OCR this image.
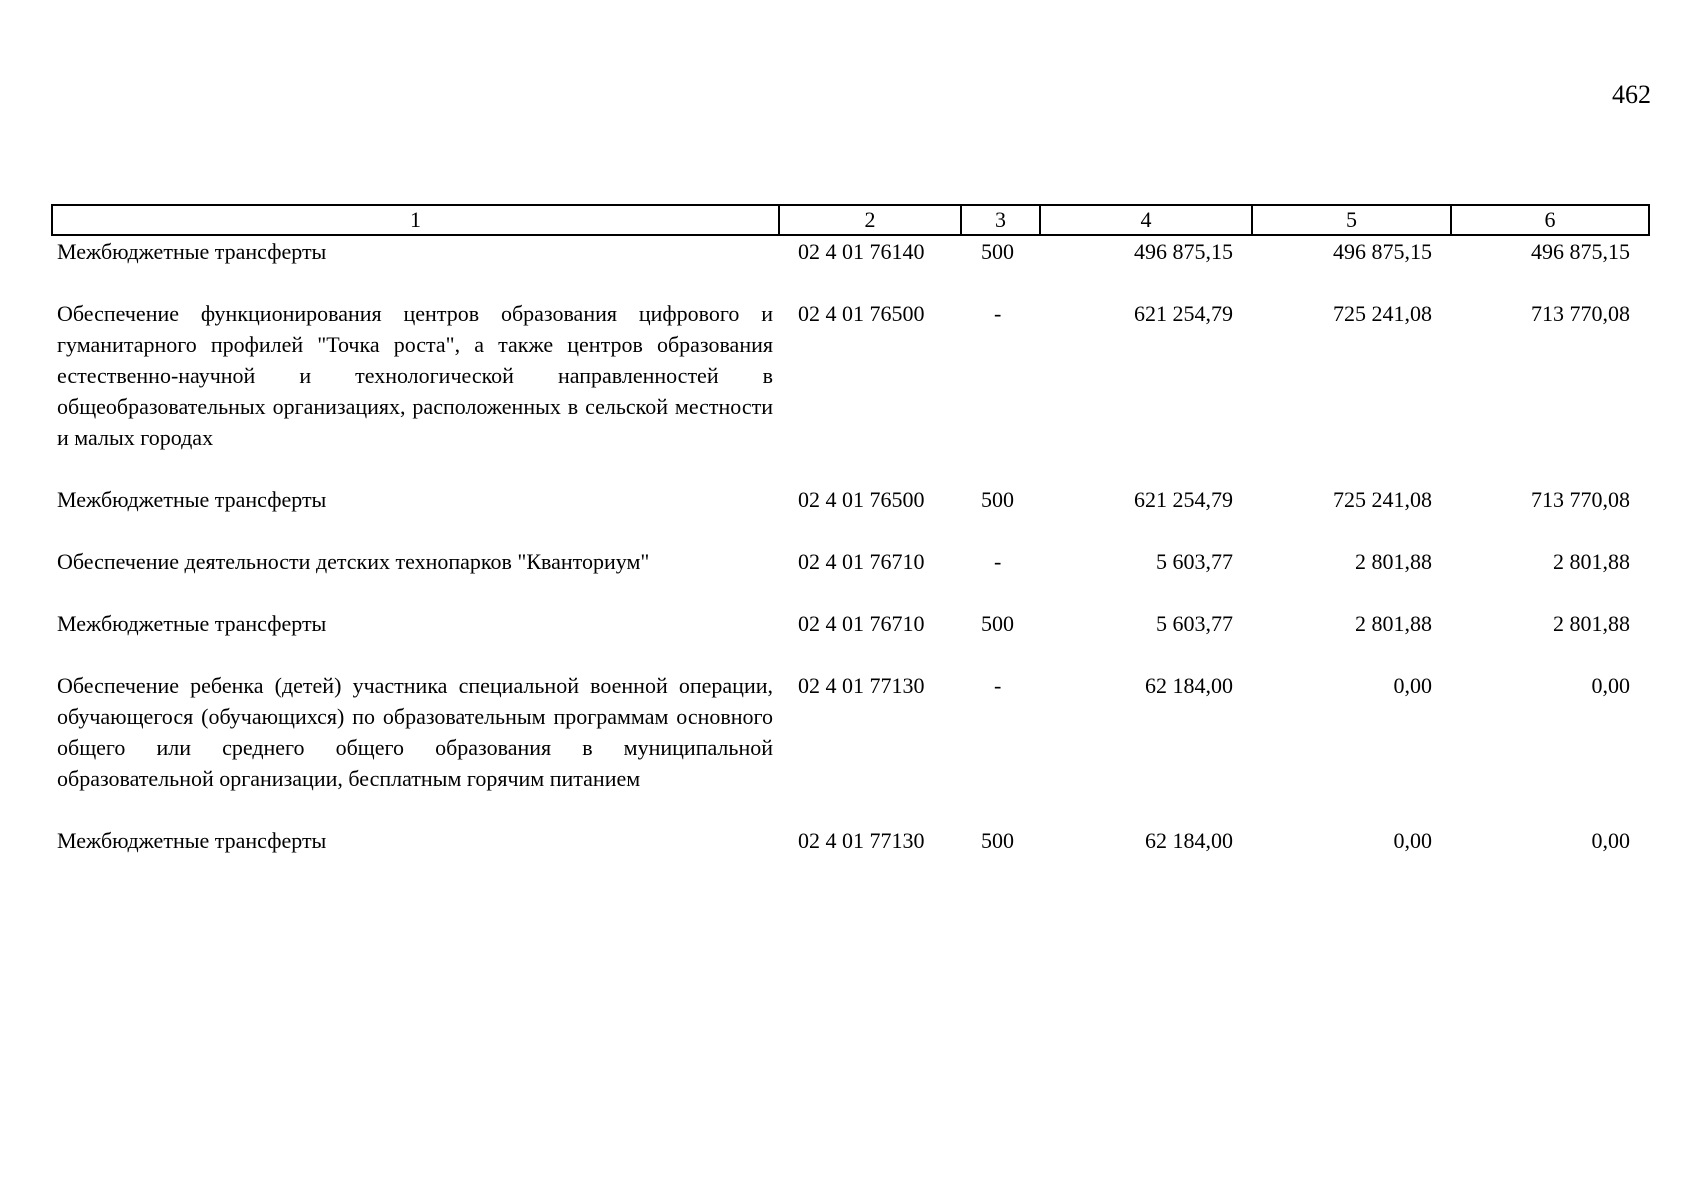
462
1	2	3	4	5	6
Межбюджетные трансферты	02 4 01 76140	500	496 875,15	496 875,15	496 875,15
Обеспечение функционирования центров образования цифрового и гуманитарного профилей "Точка роста", а также центров образования естественно-научной и технологической направленностей в общеобразовательных организациях, расположенных в сельской местности и малых городах	02 4 01 76500	-	621 254,79	725 241,08	713 770,08
Межбюджетные трансферты	02 4 01 76500	500	621 254,79	725 241,08	713 770,08
Обеспечение деятельности детских технопарков "Кванториум"	02 4 01 76710	-	5 603,77	2 801,88	2 801,88
Межбюджетные трансферты	02 4 01 76710	500	5 603,77	2 801,88	2 801,88
Обеспечение ребенка (детей) участника специальной военной операции, обучающегося (обучающихся) по образовательным программам основного общего или среднего общего образования в муниципальной образовательной организации, бесплатным горячим питанием	02 4 01 77130	-	62 184,00	0,00	0,00
Межбюджетные трансферты	02 4 01 77130	500	62 184,00	0,00	0,00
